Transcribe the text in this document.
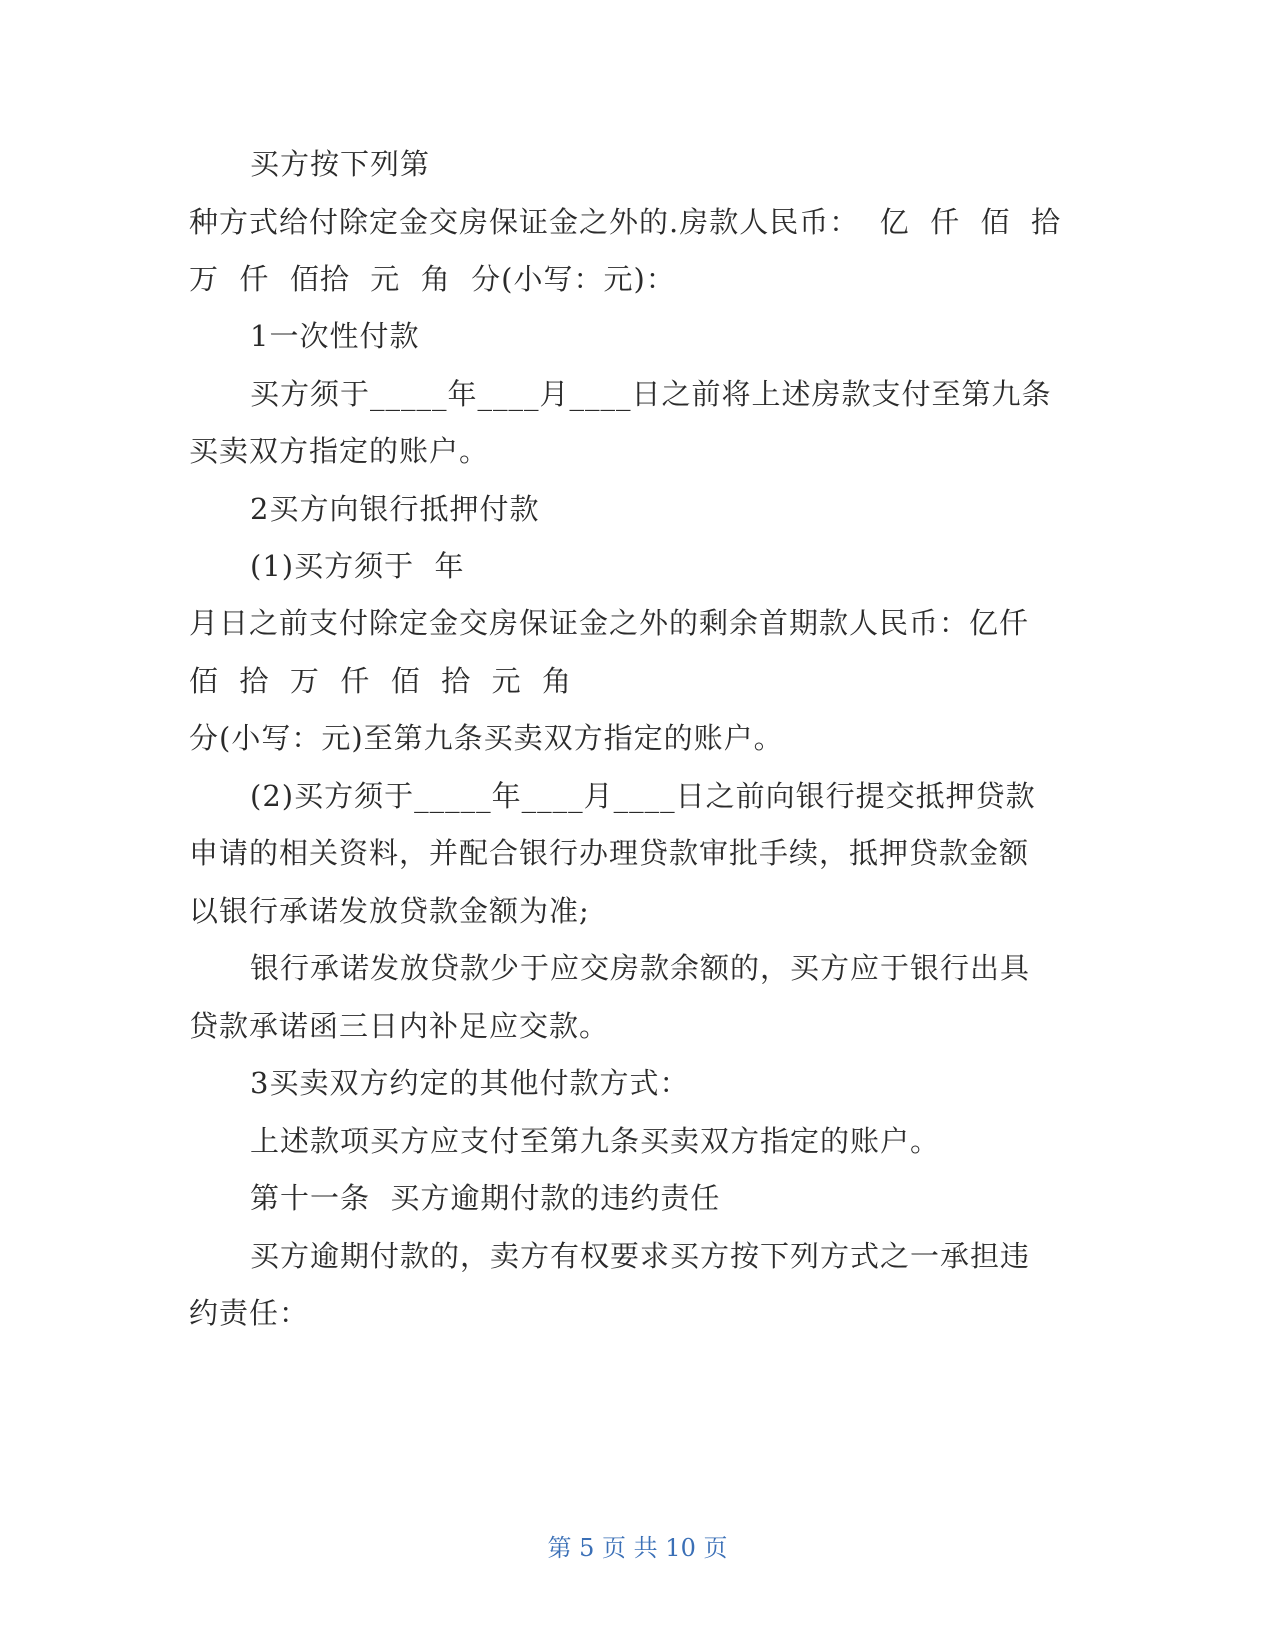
买方按下列第
种方式给付除定金交房保证金之外的.房款人民币：  亿  仟  佰  拾
万  仟  佰拾  元  角  分(小写：元)：
1一次性付款
买方须于_____年____月____日之前将上述房款支付至第九条
买卖双方指定的账户。
2买方向银行抵押付款
(1)买方须于  年
月日之前支付除定金交房保证金之外的剩余首期款人民币：亿仟
佰  拾  万  仟  佰  拾  元  角
分(小写：元)至第九条买卖双方指定的账户。
(2)买方须于_____年____月____日之前向银行提交抵押贷款
申请的相关资料，并配合银行办理贷款审批手续，抵押贷款金额
以银行承诺发放贷款金额为准;
银行承诺发放贷款少于应交房款余额的，买方应于银行出具
贷款承诺函三日内补足应交款。
3买卖双方约定的其他付款方式：
上述款项买方应支付至第九条买卖双方指定的账户。
第十一条  买方逾期付款的违约责任
买方逾期付款的，卖方有权要求买方按下列方式之一承担违
约责任：
第 5 页 共 10 页
